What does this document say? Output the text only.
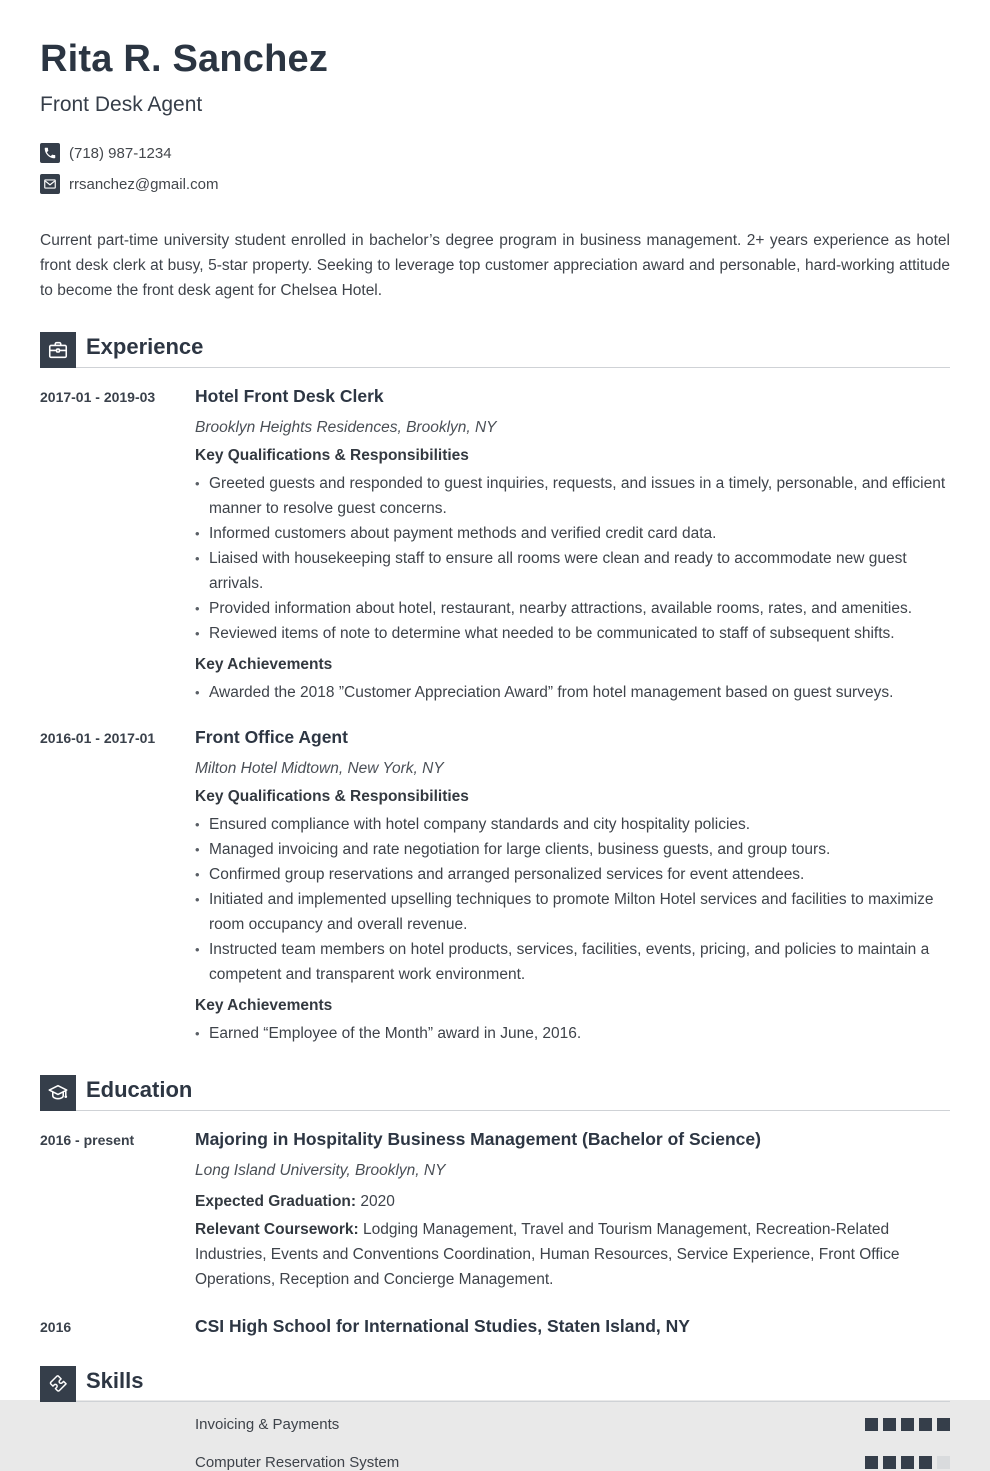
Rita R. Sanchez
Front Desk Agent
(718) 987-1234
rrsanchez@gmail.com

Current part-time university student enrolled in bachelor’s degree program in business management. 2+ years experience as hotel front desk clerk at busy, 5-star property. Seeking to leverage top customer appreciation award and personable, hard-working attitude to become the front desk agent for Chelsea Hotel.

Experience
2017-01 - 2019-03	Hotel Front Desk Clerk
Brooklyn Heights Residences, Brooklyn, NY
Key Qualifications & Responsibilities
• Greeted guests and responded to guest inquiries, requests, and issues in a timely, personable, and efficient manner to resolve guest concerns.
• Informed customers about payment methods and verified credit card data.
• Liaised with housekeeping staff to ensure all rooms were clean and ready to accommodate new guest arrivals.
• Provided information about hotel, restaurant, nearby attractions, available rooms, rates, and amenities.
• Reviewed items of note to determine what needed to be communicated to staff of subsequent shifts.
Key Achievements
• Awarded the 2018 ”Customer Appreciation Award” from hotel management based on guest surveys.
2016-01 - 2017-01	Front Office Agent
Milton Hotel Midtown, New York, NY
Key Qualifications & Responsibilities
• Ensured compliance with hotel company standards and city hospitality policies.
• Managed invoicing and rate negotiation for large clients, business guests, and group tours.
• Confirmed group reservations and arranged personalized services for event attendees.
• Initiated and implemented upselling techniques to promote Milton Hotel services and facilities to maximize room occupancy and overall revenue.
• Instructed team members on hotel products, services, facilities, events, pricing, and policies to maintain a competent and transparent work environment.
Key Achievements
• Earned “Employee of the Month” award in June, 2016.
Education
2016 - present	Majoring in Hospitality Business Management (Bachelor of Science)
Long Island University, Brooklyn, NY
Expected Graduation: 2020
Relevant Coursework: Lodging Management, Travel and Tourism Management, Recreation-Related Industries, Events and Conventions Coordination, Human Resources, Service Experience, Front Office Operations, Reception and Concierge Management.
2016	CSI High School for International Studies, Staten Island, NY
Skills
Invoicing & Payments
Computer Reservation System
